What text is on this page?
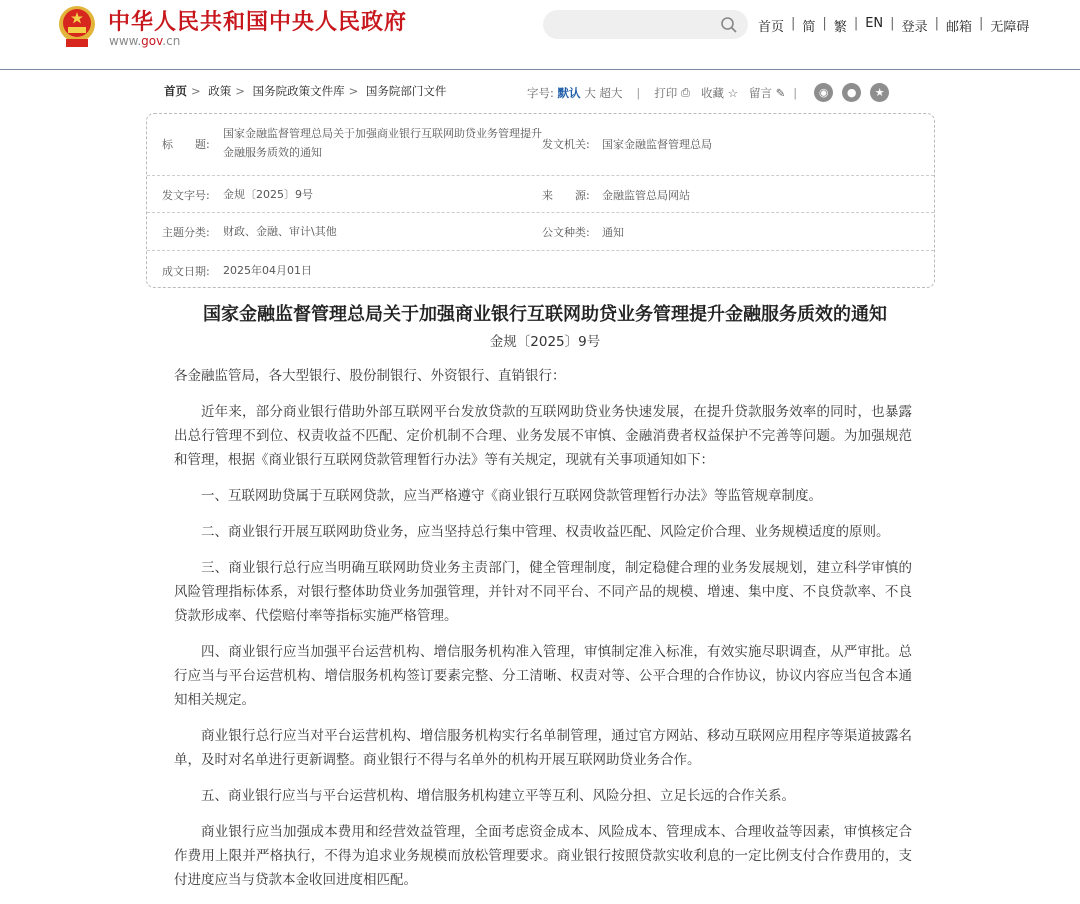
中华人民共和国中央人民政府
www.gov.cn
首页 | 简 | 繁 | EN | 登录 | 邮箱 | 无障碍
首页 > 政策 > 国务院政策文件库 > 国务院部门文件	字号:
默认
大
超大 | 打印
⎙
收藏
☆
留言
✎ |	◉	●	★
标　　题:
国家金融监督管理总局关于加强商业银行互联网助贷业务管理提升金融服务质效的通知
发文机关: 国家金融监督管理总局
发文字号: 金规〔2025〕9号	来　　源: 金融监管总局网站
主题分类: 财政、金融、审计\其他	公文种类: 通知
成文日期: 2025年04月01日
国家金融监督管理总局关于加强商业银行互联网助贷业务管理提升金融服务质效的通知
金规〔2025〕9号

各金融监管局，各大型银行、股份制银行、外资银行、直销银行：

近年来，部分商业银行借助外部互联网平台发放贷款的互联网助贷业务快速发展，在提升贷款服务效率的同时，也暴露出总行管理不到位、权责收益不匹配、定价机制不合理、业务发展不审慎、金融消费者权益保护不完善等问题。为加强规范和管理，根据《商业银行互联网贷款管理暂行办法》等有关规定，现就有关事项通知如下：

一、互联网助贷属于互联网贷款，应当严格遵守《商业银行互联网贷款管理暂行办法》等监管规章制度。

二、商业银行开展互联网助贷业务，应当坚持总行集中管理、权责收益匹配、风险定价合理、业务规模适度的原则。

三、商业银行总行应当明确互联网助贷业务主责部门，健全管理制度，制定稳健合理的业务发展规划，建立科学审慎的风险管理指标体系，对银行整体助贷业务加强管理，并针对不同平台、不同产品的规模、增速、集中度、不良贷款率、不良贷款形成率、代偿赔付率等指标实施严格管理。

四、商业银行应当加强平台运营机构、增信服务机构准入管理，审慎制定准入标准，有效实施尽职调查，从严审批。总行应当与平台运营机构、增信服务机构签订要素完整、分工清晰、权责对等、公平合理的合作协议，协议内容应当包含本通知相关规定。

商业银行总行应当对平台运营机构、增信服务机构实行名单制管理，通过官方网站、移动互联网应用程序等渠道披露名单，及时对名单进行更新调整。商业银行不得与名单外的机构开展互联网助贷业务合作。

五、商业银行应当与平台运营机构、增信服务机构建立平等互利、风险分担、立足长远的合作关系。

商业银行应当加强成本费用和经营效益管理，全面考虑资金成本、风险成本、管理成本、合理收益等因素，审慎核定合作费用上限并严格执行，不得为追求业务规模而放松管理要求。商业银行按照贷款实收利息的一定比例支付合作费用的，支付进度应当与贷款本金收回进度相匹配。
